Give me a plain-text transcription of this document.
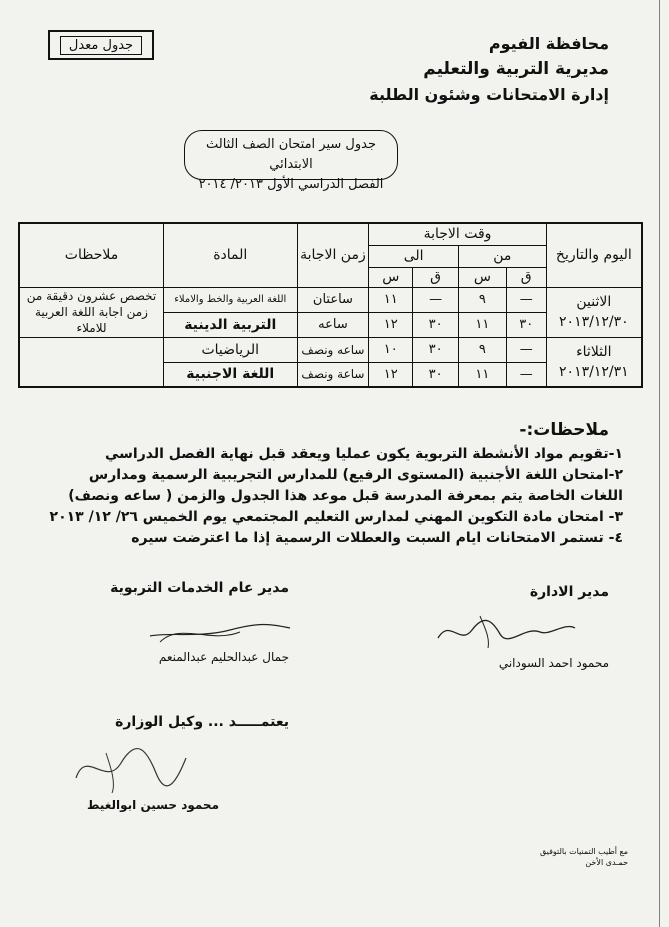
جدول معدل	محافظة الفيوم
مديرية التربية والتعليم
إدارة الامتحانات وشئون الطلبة
جدول سير امتحان الصف الثالث الابتدائي
الفصل الدراسي الأول ٢٠١٣/ ٢٠١٤
اليوم والتاريخ	وقت الاجابة				زمن الاجابة	المادة	ملاحظات
	من		الى				
	ق	س	ق	س			

الاثنين
٢٠١٣/١٢/٣٠	—	٩	—	١١	ساعتان	اللغة العربية والخط والاملاء	تخصص عشرون دقيقة من زمن اجابة اللغة العربية للاملاء
	٣٠	١١	٣٠	١٢	ساعه	التربية الدينية	

الثلاثاء
٢٠١٣/١٢/٣١	—	٩	٣٠	١٠	ساعه ونصف	الرياضيات	
	—	١١	٣٠	١٢	ساعة ونصف	اللغة الاجنبية	
ملاحظات:-
١-تقويم مواد الأنشطة التربوية يكون عمليا ويعقد قبل نهاية الفصل الدراسي
٢-امتحان اللغة الأجنبية (المستوى الرفيع) للمدارس التجريبية الرسمية ومدارس
اللغات الخاصة يتم بمعرفة المدرسة قبل موعد هذا الجدول والزمن ( ساعه ونصف)
٣- امتحان مادة التكوين المهني لمدارس التعليم المجتمعي يوم الخميس ٢٦/ ١٢/ ٢٠١٣
٤- تستمر الامتحانات ايام السبت والعطلات الرسمية إذا ما اعترضت سيره
مدير الادارة
محمود احمد السوداني
مدير عام الخدمات التربوية
جمال عبدالحليم عبدالمنعم
يعتمـــــد ... وكيل الوزارة
محمود حسين ابوالغيط
مع أطيب التمنيات بالتوفيق
حمـدى الأخن
